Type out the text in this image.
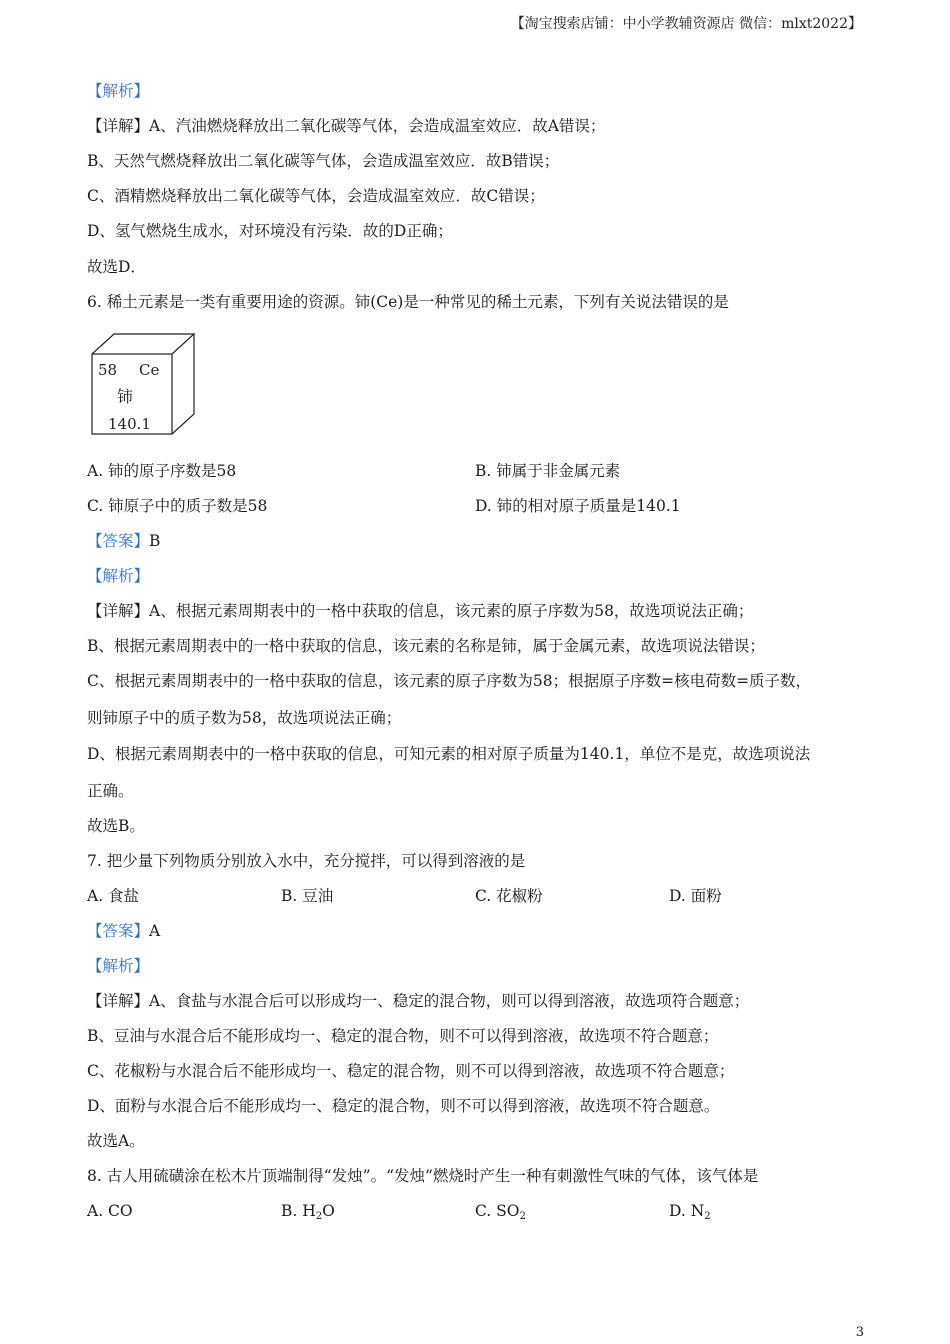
【淘宝搜索店铺：中小学教辅资源店 微信：mlxt2022】
【解析】
【详解】A、汽油燃烧释放出二氧化碳等气体，会造成温室效应．故A错误；
B、天然气燃烧释放出二氧化碳等气体，会造成温室效应．故B错误；
C、酒精燃烧释放出二氧化碳等气体，会造成温室效应．故C错误；
D、氢气燃烧生成水，对环境没有污染．故的D正确；
故选D．
6. 稀土元素是一类有重要用途的资源。铈(Ce)是一种常见的稀土元素，下列有关说法错误的是
58 Ce
铈
140.1
A. 铈的原子序数是58	B. 铈属于非金属元素
C. 铈原子中的质子数是58	D. 铈的相对原子质量是140.1
【答案】B
【解析】
【详解】A、根据元素周期表中的一格中获取的信息，该元素的原子序数为58，故选项说法正确；
B、根据元素周期表中的一格中获取的信息，该元素的名称是铈，属于金属元素，故选项说法错误；
C、根据元素周期表中的一格中获取的信息，该元素的原子序数为58；根据原子序数=核电荷数=质子数，
则铈原子中的质子数为58，故选项说法正确；
D、根据元素周期表中的一格中获取的信息，可知元素的相对原子质量为140.1，单位不是克，故选项说法
正确。
故选B。
7. 把少量下列物质分别放入水中，充分搅拌，可以得到溶液的是
A. 食盐	B. 豆油	C. 花椒粉	D. 面粉
【答案】A
【解析】
【详解】A、食盐与水混合后可以形成均一、稳定的混合物，则可以得到溶液，故选项符合题意；
B、豆油与水混合后不能形成均一、稳定的混合物，则不可以得到溶液，故选项不符合题意；
C、花椒粉与水混合后不能形成均一、稳定的混合物，则不可以得到溶液，故选项不符合题意；
D、面粉与水混合后不能形成均一、稳定的混合物，则不可以得到溶液，故选项不符合题意。
故选A。
8. 古人用硫磺涂在松木片顶端制得“发烛”。“发烛”燃烧时产生一种有刺激性气味的气体，该气体是
A. CO	B. $H_2O$	C. $SO_2$	D. $N_2$
3
